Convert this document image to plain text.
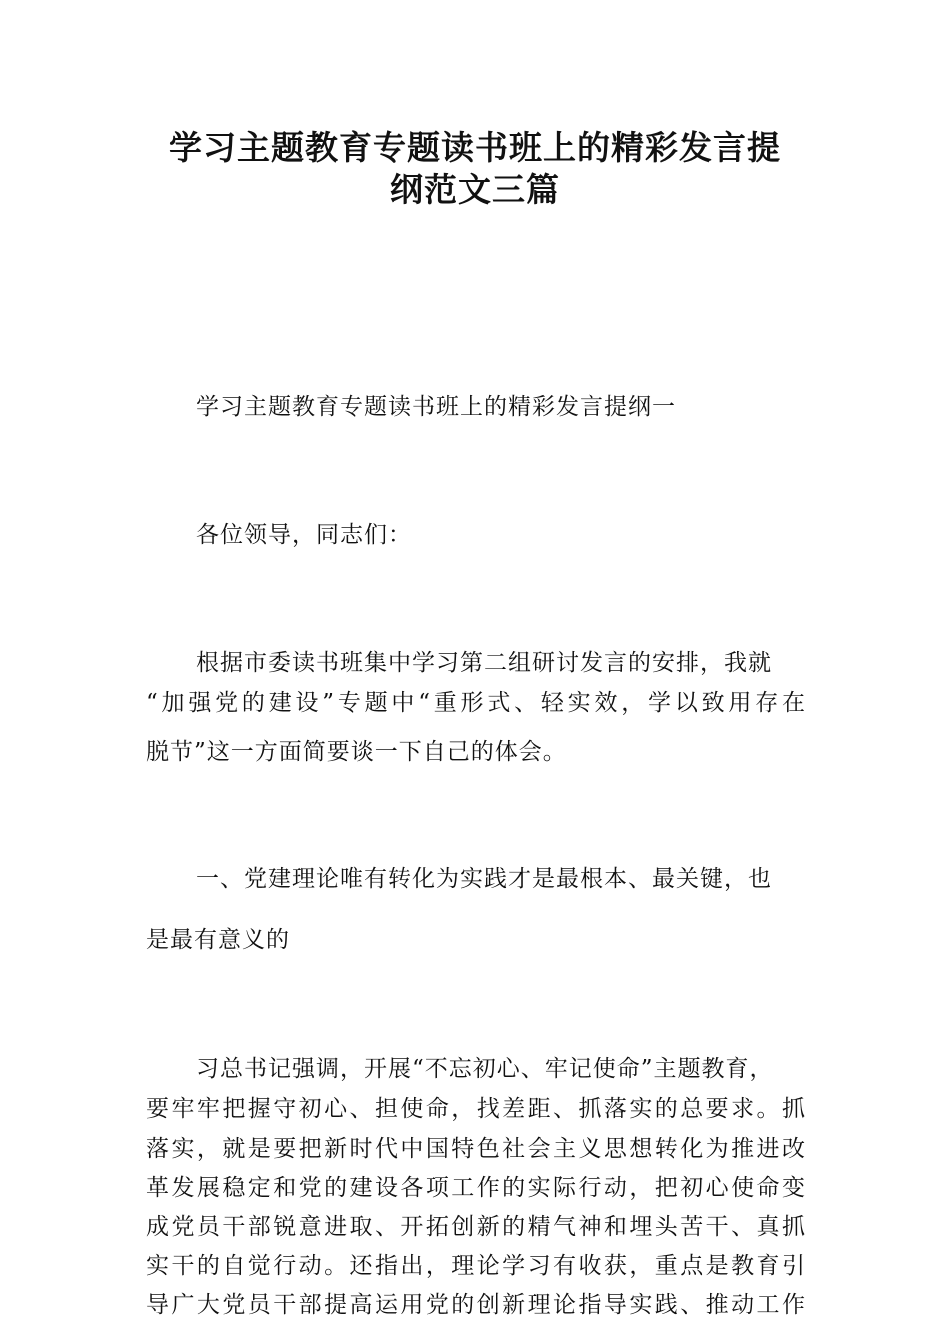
学习主题教育专题读书班上的精彩发言提
纲范文三篇

学习主题教育专题读书班上的精彩发言提纲一

各位领导，同志们：

根据市委读书班集中学习第二组研讨发言的安排，我就

“加强党的建设”专题中“重形式、轻实效，学以致用存在

脱节”这一方面简要谈一下自己的体会。

一、党建理论唯有转化为实践才是最根本、最关键，也

是最有意义的

习总书记强调，开展“不忘初心、牢记使命”主题教育，

要牢牢把握守初心、担使命，找差距、抓落实的总要求。抓

落实，就是要把新时代中国特色社会主义思想转化为推进改

革发展稳定和党的建设各项工作的实际行动，把初心使命变

成党员干部锐意进取、开拓创新的精气神和埋头苦干、真抓

实干的自觉行动。还指出，理论学习有收获，重点是教育引

导广大党员干部提高运用党的创新理论指导实践、推动工作
